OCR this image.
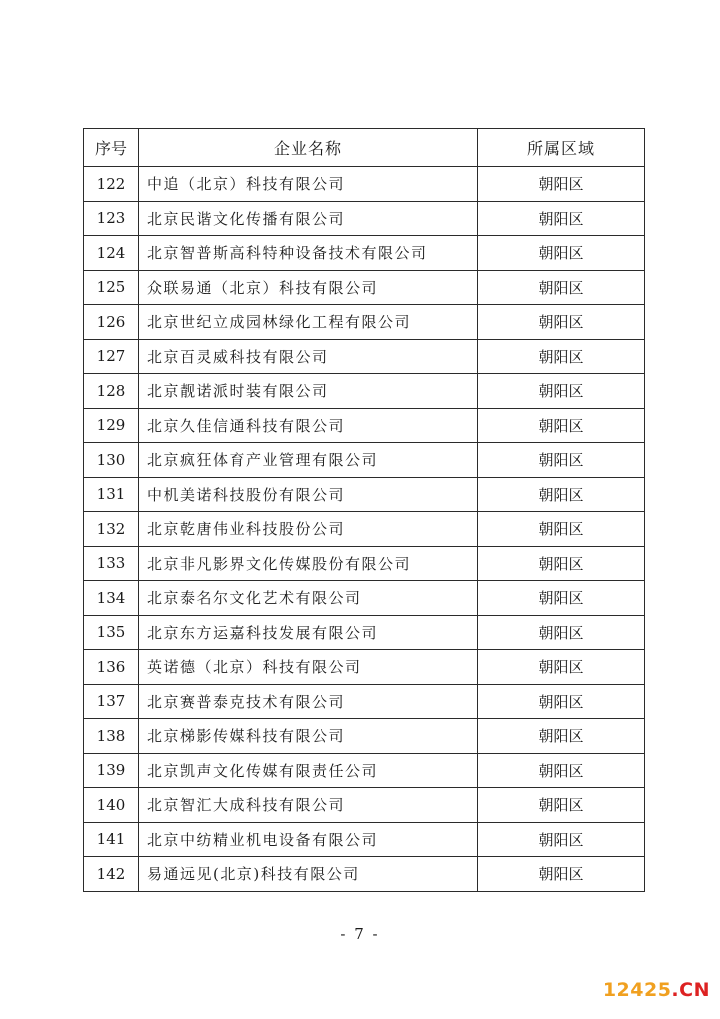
序号	企业名称	所属区域
122	中追（北京）科技有限公司	朝阳区
123	北京民谐文化传播有限公司	朝阳区
124	北京智普斯高科特种设备技术有限公司	朝阳区
125	众联易通（北京）科技有限公司	朝阳区
126	北京世纪立成园林绿化工程有限公司	朝阳区
127	北京百灵威科技有限公司	朝阳区
128	北京靓诺派时装有限公司	朝阳区
129	北京久佳信通科技有限公司	朝阳区
130	北京疯狂体育产业管理有限公司	朝阳区
131	中机美诺科技股份有限公司	朝阳区
132	北京乾唐伟业科技股份公司	朝阳区
133	北京非凡影界文化传媒股份有限公司	朝阳区
134	北京泰名尔文化艺术有限公司	朝阳区
135	北京东方运嘉科技发展有限公司	朝阳区
136	英诺德（北京）科技有限公司	朝阳区
137	北京赛普泰克技术有限公司	朝阳区
138	北京梯影传媒科技有限公司	朝阳区
139	北京凯声文化传媒有限责任公司	朝阳区
140	北京智汇大成科技有限公司	朝阳区
141	北京中纺精业机电设备有限公司	朝阳区
142	易通远见(北京)科技有限公司	朝阳区
- 7 -
12425.CN
